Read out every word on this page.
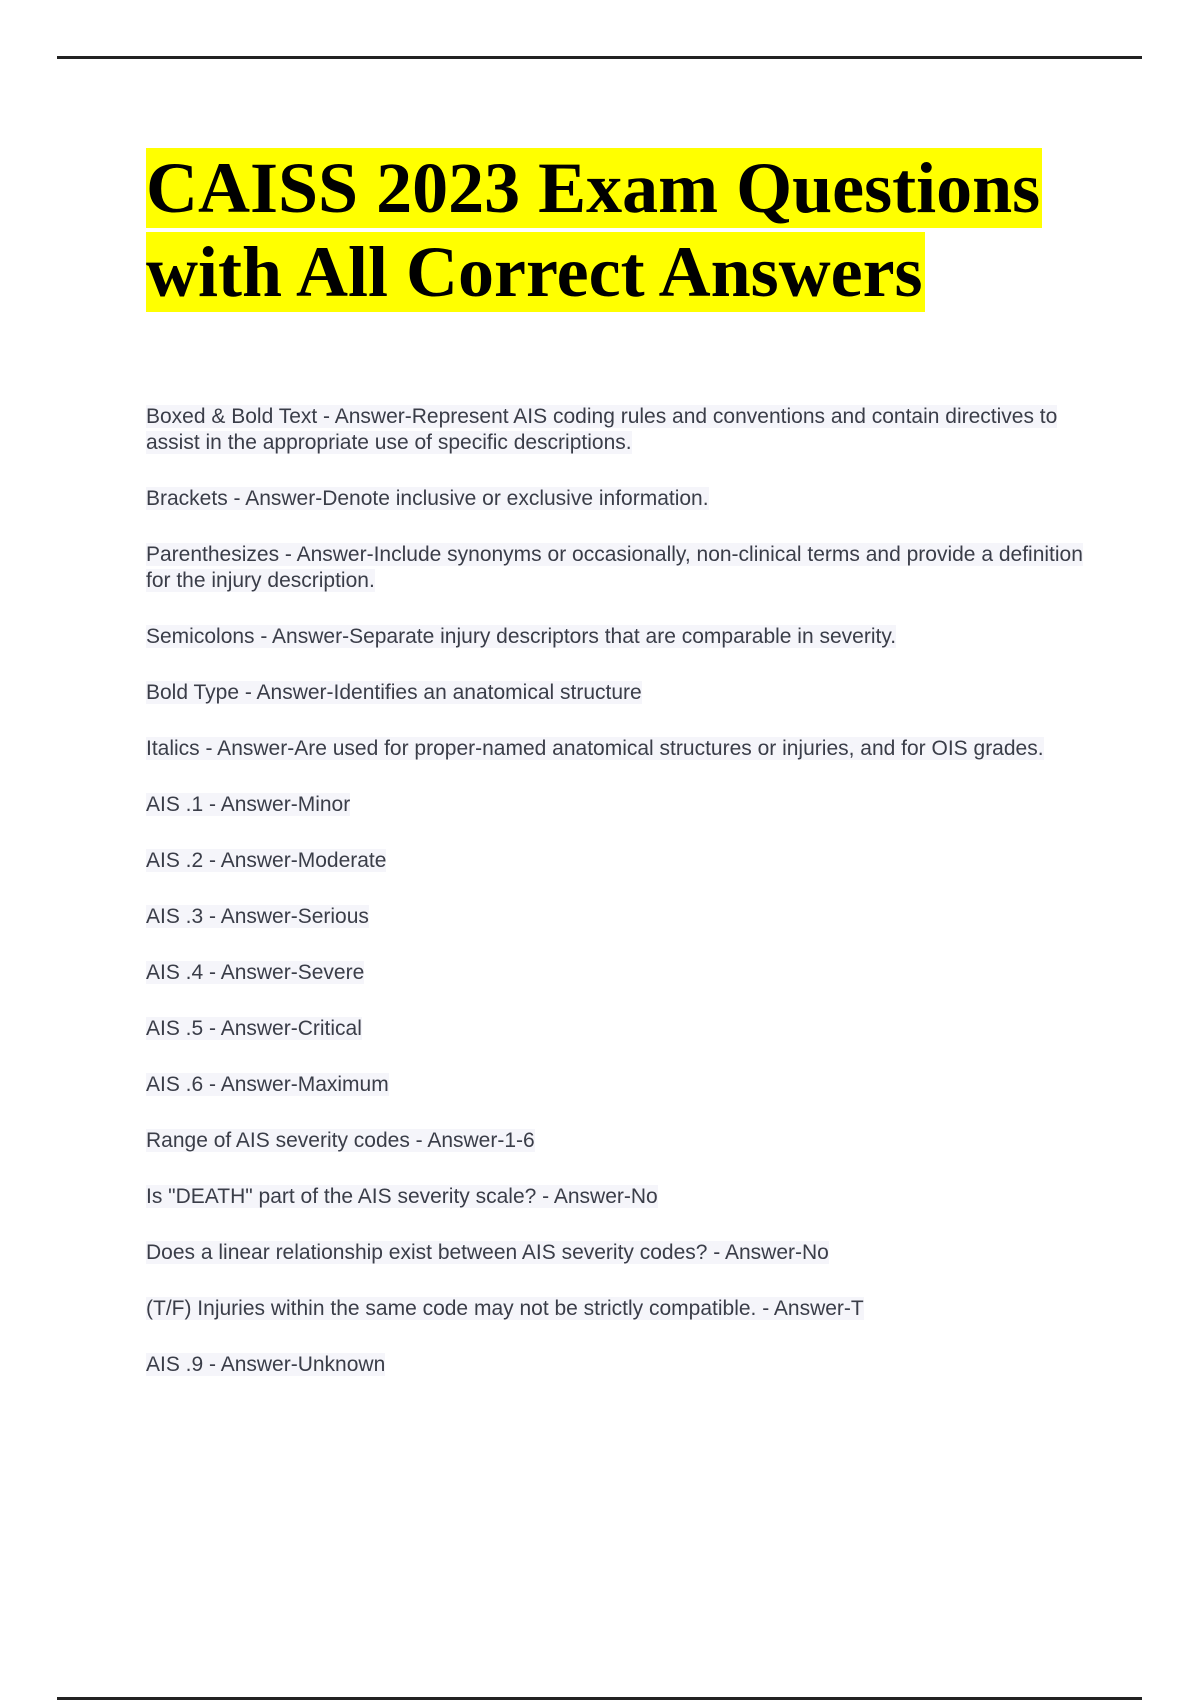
CAISS 2023 Exam Questions
with All Correct Answers
Boxed & Bold Text - Answer-Represent AIS coding rules and conventions and contain directives to assist in the appropriate use of specific descriptions.
Brackets - Answer-Denote inclusive or exclusive information.
Parenthesizes - Answer-Include synonyms or occasionally, non-clinical terms and provide a definition for the injury description.
Semicolons - Answer-Separate injury descriptors that are comparable in severity.
Bold Type - Answer-Identifies an anatomical structure
Italics - Answer-Are used for proper-named anatomical structures or injuries, and for OIS grades.
AIS .1 - Answer-Minor
AIS .2 - Answer-Moderate
AIS .3 - Answer-Serious
AIS .4 - Answer-Severe
AIS .5 - Answer-Critical
AIS .6 - Answer-Maximum
Range of AIS severity codes - Answer-1-6
Is "DEATH" part of the AIS severity scale? - Answer-No
Does a linear relationship exist between AIS severity codes? - Answer-No
(T/F) Injuries within the same code may not be strictly compatible. - Answer-T
AIS .9 - Answer-Unknown
